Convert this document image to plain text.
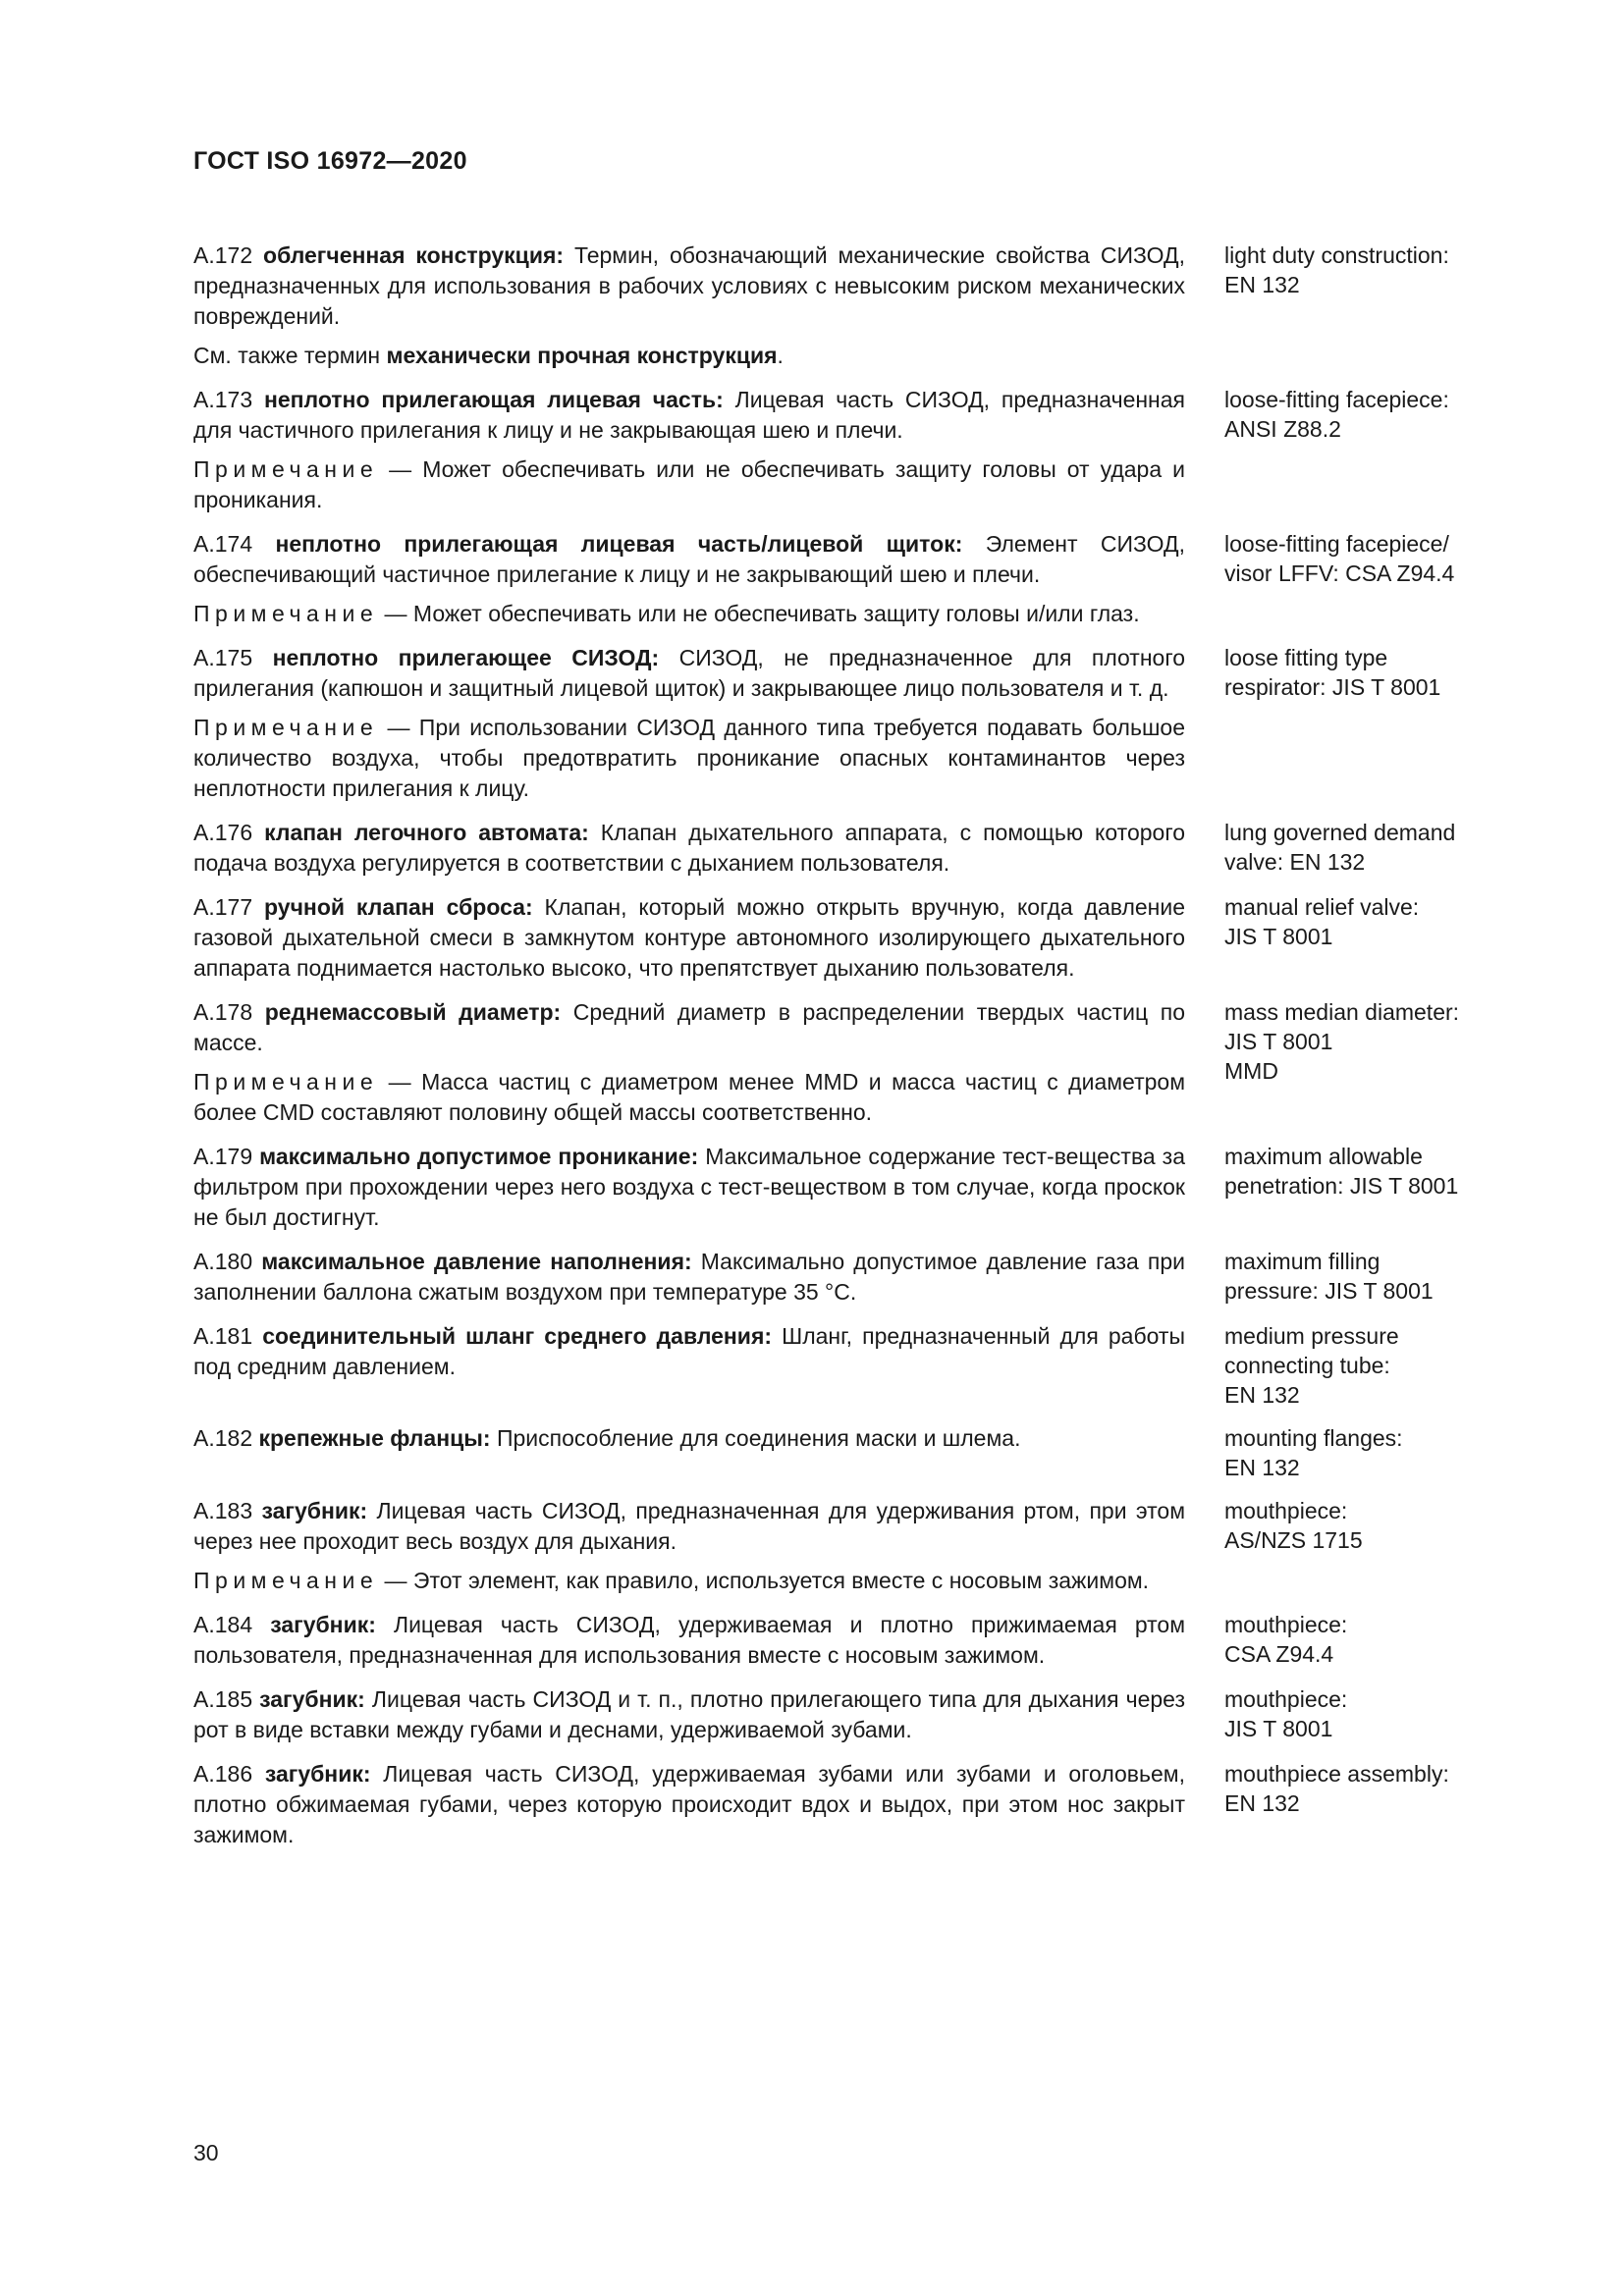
ГОСТ ISO 16972—2020

А.172 облегченная конструкция: Термин, обозначающий механические свойства СИЗОД, предназначенных для использования в рабочих условиях с невысоким риском механических повреждений.

См. также термин механически прочная конструкция.

light duty construction:
EN 132

А.173 неплотно прилегающая лицевая часть: Лицевая часть СИЗОД, предназначенная для частичного прилегания к лицу и не закрывающая шею и плечи.

Примечание — Может обеспечивать или не обеспечивать защиту головы от удара и проникания.

loose-fitting facepiece:
ANSI Z88.2

А.174 неплотно прилегающая лицевая часть/лицевой щиток: Элемент СИЗОД, обеспечивающий частичное прилегание к лицу и не закрывающий шею и плечи.

Примечание — Может обеспечивать или не обеспечивать защиту головы и/или глаз.

loose-fitting facepiece/
visor LFFV: CSA Z94.4

А.175 неплотно прилегающее СИЗОД: СИЗОД, не предназначенное для плотного прилегания (капюшон и защитный лицевой щиток) и закрывающее лицо пользователя и т. д.

Примечание — При использовании СИЗОД данного типа требуется подавать большое количество воздуха, чтобы предотвратить проникание опасных контаминантов через неплотности прилегания к лицу.

loose fitting type
respirator: JIS T 8001

А.176 клапан легочного автомата: Клапан дыхательного аппарата, с помощью которого подача воздуха регулируется в соответствии с дыханием пользователя.

lung governed demand
valve: EN 132

А.177 ручной клапан сброса: Клапан, который можно открыть вручную, когда давление газовой дыхательной смеси в замкнутом контуре автономного изолирующего дыхательного аппарата поднимается настолько высоко, что препятствует дыханию пользователя.

manual relief valve:
JIS T 8001

А.178 реднемассовый диаметр: Средний диаметр в распределении твердых частиц по массе.

Примечание — Масса частиц с диаметром менее MMD и масса частиц с диаметром более CMD составляют половину общей массы соответственно.

mass median diameter:
JIS T 8001
MMD

А.179 максимально допустимое проникание: Максимальное содержание тест-вещества за фильтром при прохождении через него воздуха с тест-веществом в том случае, когда проскок не был достигнут.

maximum allowable
penetration: JIS T 8001

А.180 максимальное давление наполнения: Максимально допустимое давление газа при заполнении баллона сжатым воздухом при температуре 35 °С.

maximum filling
pressure: JIS T 8001

А.181 соединительный шланг среднего давления: Шланг, предназначенный для работы под средним давлением.

medium pressure
connecting tube:
EN 132

А.182 крепежные фланцы: Приспособление для соединения маски и шлема.	mounting flanges:
EN 132

А.183 загубник: Лицевая часть СИЗОД, предназначенная для удерживания ртом, при этом через нее проходит весь воздух для дыхания.

Примечание — Этот элемент, как правило, используется вместе с носовым зажимом.

mouthpiece:
AS/NZS 1715

А.184 загубник: Лицевая часть СИЗОД, удерживаемая и плотно прижимаемая ртом пользователя, предназначенная для использования вместе с носовым зажимом.

mouthpiece:
CSA Z94.4

А.185 загубник: Лицевая часть СИЗОД и т. п., плотно прилегающего типа для дыхания через рот в виде вставки между губами и деснами, удерживаемой зубами.

mouthpiece:
JIS T 8001

А.186 загубник: Лицевая часть СИЗОД, удерживаемая зубами или зубами и оголовьем, плотно обжимаемая губами, через которую происходит вдох и выдох, при этом нос закрыт зажимом.

mouthpiece assembly:
EN 132
30
